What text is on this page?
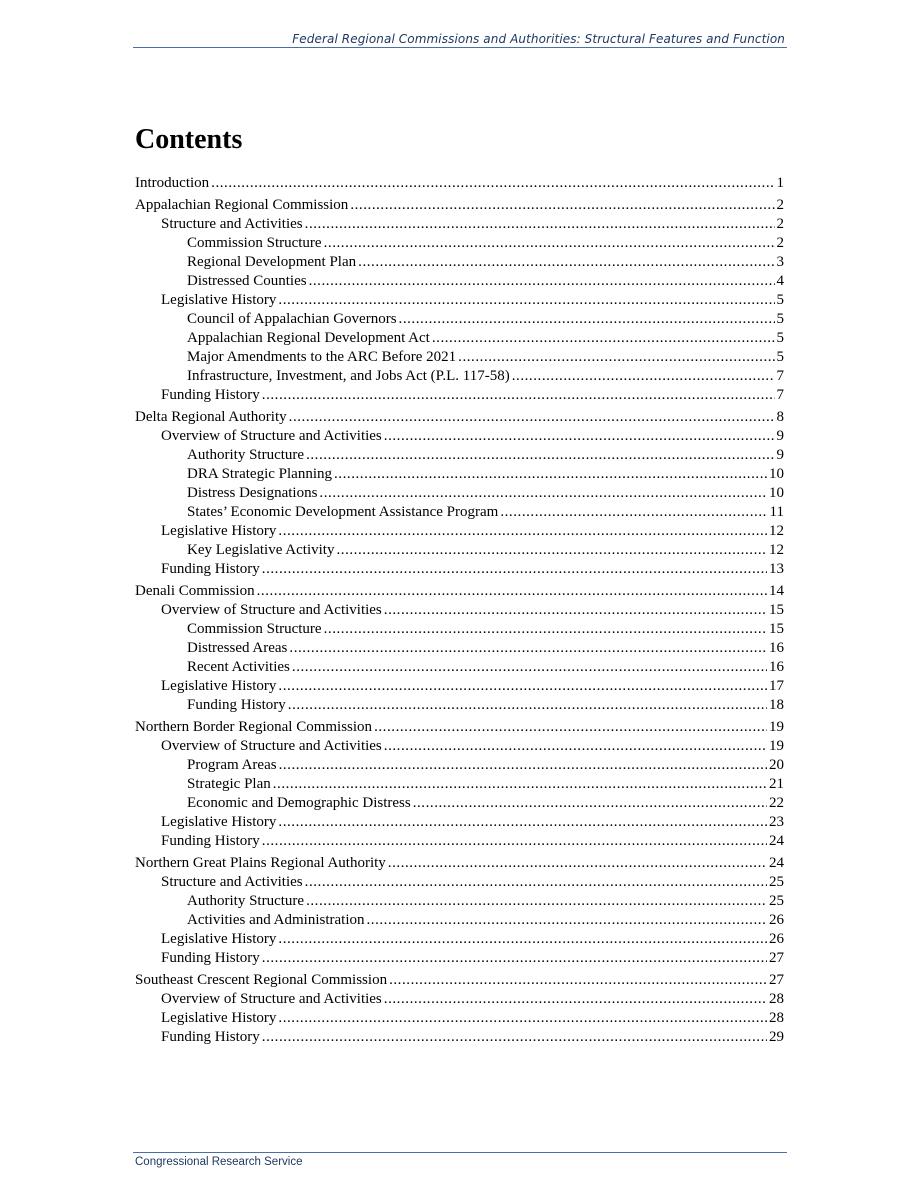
Federal Regional Commissions and Authorities: Structural Features and Function
Contents
Introduction . . .	1
Appalachian Regional Commission . . .	2
Structure and Activities . . .	2
Commission Structure . . .	2
Regional Development Plan . . .	3
Distressed Counties . . .	4
Legislative History . . .	5
Council of Appalachian Governors . . .	5
Appalachian Regional Development Act . . .	5
Major Amendments to the ARC Before 2021 . . .	5
Infrastructure, Investment, and Jobs Act (P.L. 117-58) . . .	7
Funding History . . .	7
Delta Regional Authority . . .	8
Overview of Structure and Activities . . .	9
Authority Structure . . .	9
DRA Strategic Planning . . .	10
Distress Designations . . .	10
States’ Economic Development Assistance Program . . .	11
Legislative History . . .	12
Key Legislative Activity . . .	12
Funding History . . .	13
Denali Commission . . .	14
Overview of Structure and Activities . . .	15
Commission Structure . . .	15
Distressed Areas . . .	16
Recent Activities . . .	16
Legislative History . . .	17
Funding History . . .	18
Northern Border Regional Commission . . .	19
Overview of Structure and Activities . . .	19
Program Areas . . .	20
Strategic Plan . . .	21
Economic and Demographic Distress . . .	22
Legislative History . . .	23
Funding History . . .	24
Northern Great Plains Regional Authority . . .	24
Structure and Activities . . .	25
Authority Structure . . .	25
Activities and Administration . . .	26
Legislative History . . .	26
Funding History . . .	27
Southeast Crescent Regional Commission . . .	27
Overview of Structure and Activities . . .	28
Legislative History . . .	28
Funding History . . .	29
Congressional Research Service
